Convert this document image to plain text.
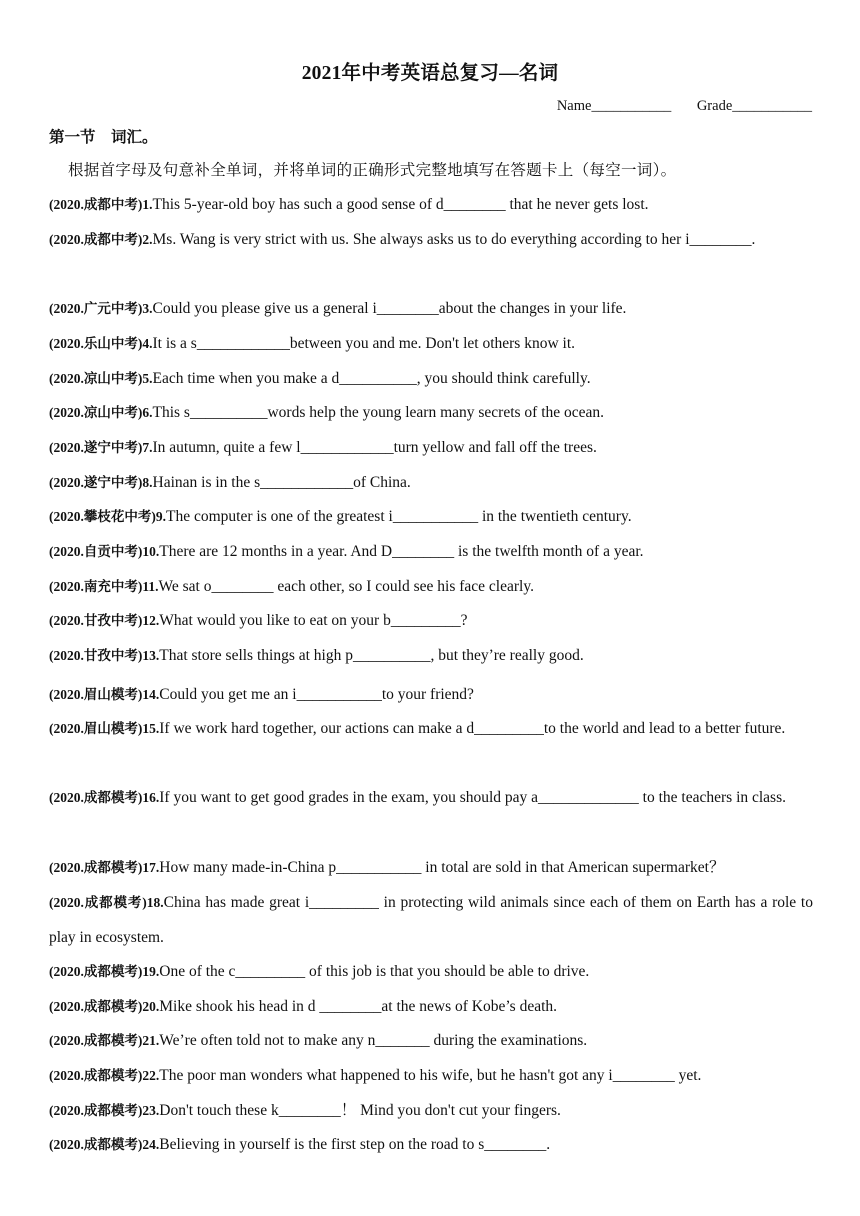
2021年中考英语总复习—名词
Name___________ Grade___________
第一节　词汇。
根据首字母及句意补全单词，并将单词的正确形式完整地填写在答题卡上（每空一词）。
(2020.成都中考)1.This 5-year-old boy has such a good sense of d________ that he never gets lost.
(2020.成都中考)2.Ms. Wang is very strict with us. She always asks us to do everything according to her i________.
(2020.广元中考)3.Could you please give us a general i________about the changes in your life.
(2020.乐山中考)4.It is a s____________between you and me. Don't let others know it.
(2020.凉山中考)5.Each time when you make a d__________, you should think carefully.
(2020.凉山中考)6.This s__________words help the young learn many secrets of the ocean.
(2020.遂宁中考)7.In autumn, quite a few l____________turn yellow and fall off the trees.
(2020.遂宁中考)8.Hainan is in the s____________of China.
(2020.攀枝花中考)9.The computer is one of the greatest i___________ in the twentieth century.
(2020.自贡中考)10.There are 12 months in a year. And D________ is the twelfth month of a year.
(2020.南充中考)11.We sat o________ each other, so I could see his face clearly.
(2020.甘孜中考)12.What would you like to eat on your b_________?
(2020.甘孜中考)13.That store sells things at high p__________, but they’re really good.
(2020.眉山模考)14.Could you get me an i___________to your friend?
(2020.眉山模考)15.If we work hard together, our actions can make a d_________to the world and lead to a better future.
(2020.成都模考)16.If you want to get good grades in the exam, you should pay a_____________ to the teachers in class.
(2020.成都模考)17.How many made-in-China p___________ in total are sold in that American supermarket？
(2020.成都模考)18.China has made great i_________ in protecting wild animals since each of them on Earth has a role to play in ecosystem.
(2020.成都模考)19.One of the c_________ of this job is that you should be able to drive.
(2020.成都模考)20.Mike shook his head in d ________at the news of Kobe’s death.
(2020.成都模考)21.We’re often told not to make any n_______ during the examinations.
(2020.成都模考)22.The poor man wonders what happened to his wife, but he hasn't got any i________ yet.
(2020.成都模考)23.Don't touch these k________！ Mind you don't cut your fingers.
(2020.成都模考)24.Believing in yourself is the first step on the road to s________.
